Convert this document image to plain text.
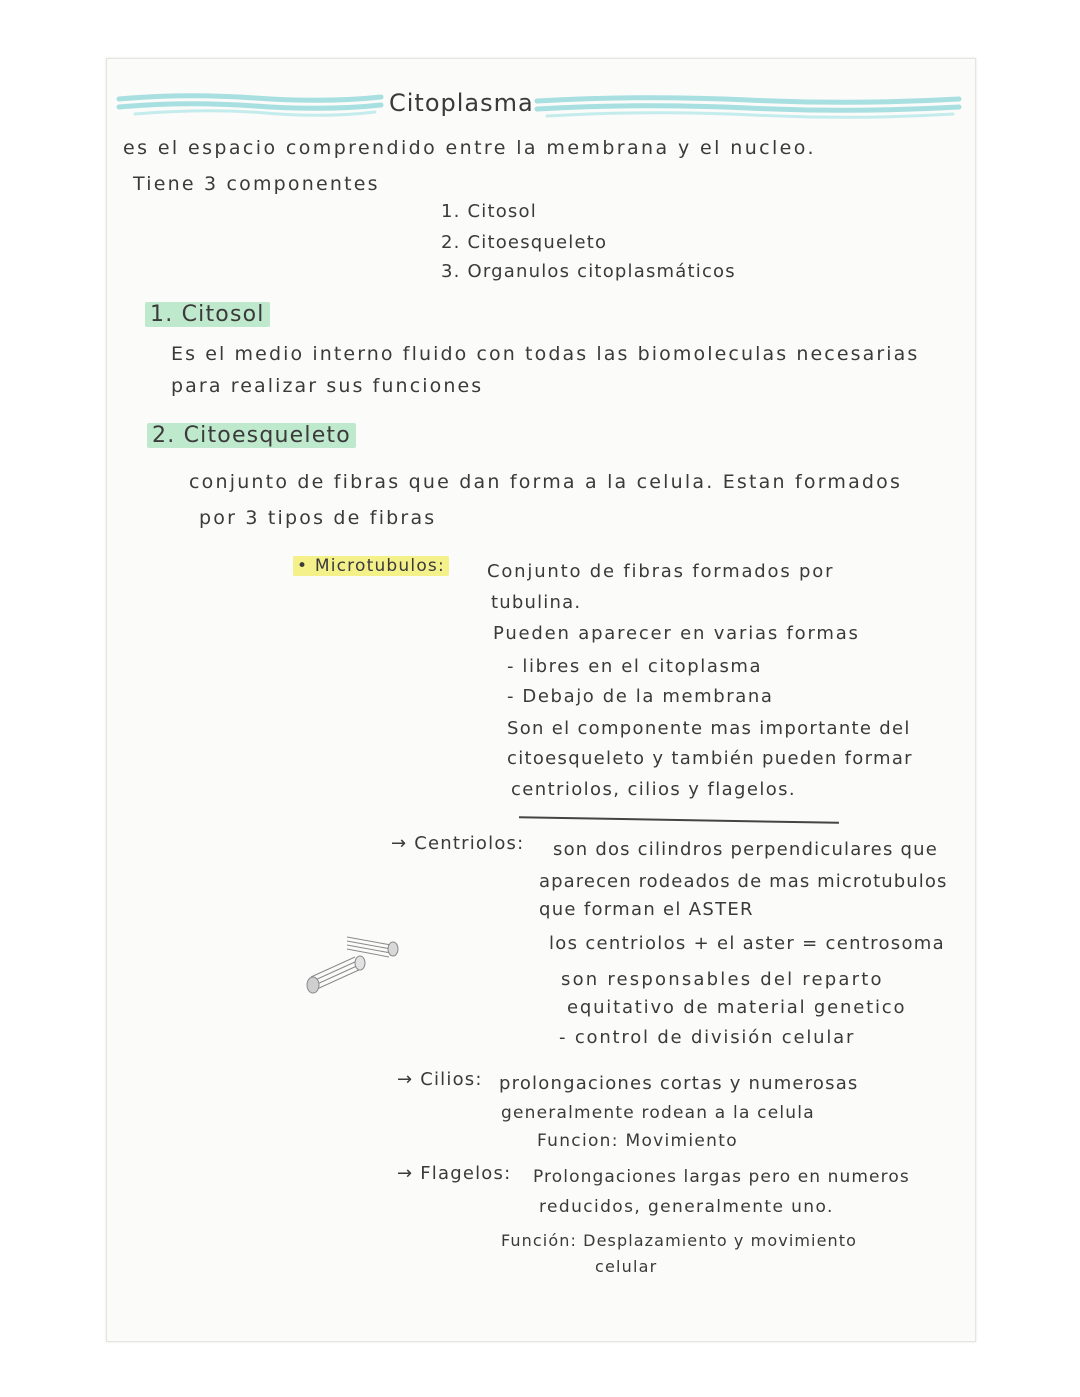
Citoplasma
es el espacio comprendido entre la membrana y el nucleo.
Tiene 3 componentes
1. Citosol
2. Citoesqueleto
3. Organulos citoplasmáticos
1. Citosol
Es el medio interno fluido con todas las biomoleculas necesarias
para realizar sus funciones
2. Citoesqueleto
conjunto de fibras que dan forma a la celula. Estan formados
por 3 tipos de fibras
• Microtubulos: Conjunto de fibras formados por
tubulina.
Pueden aparecer en varias formas
- libres en el citoplasma
- Debajo de la membrana
Son el componente mas importante del
citoesqueleto y también pueden formar
centriolos, cilios y flagelos.
→ Centriolos: son dos cilindros perpendiculares que
aparecen rodeados de mas microtubulos
que forman el ASTER
los centriolos + el aster = centrosoma
son responsables del reparto
equitativo de material genetico
- control de división celular
→ Cilios: prolongaciones cortas y numerosas
generalmente rodean a la celula
Funcion: Movimiento
→ Flagelos: Prolongaciones largas pero en numeros
reducidos, generalmente uno.
Función: Desplazamiento y movimiento
celular
